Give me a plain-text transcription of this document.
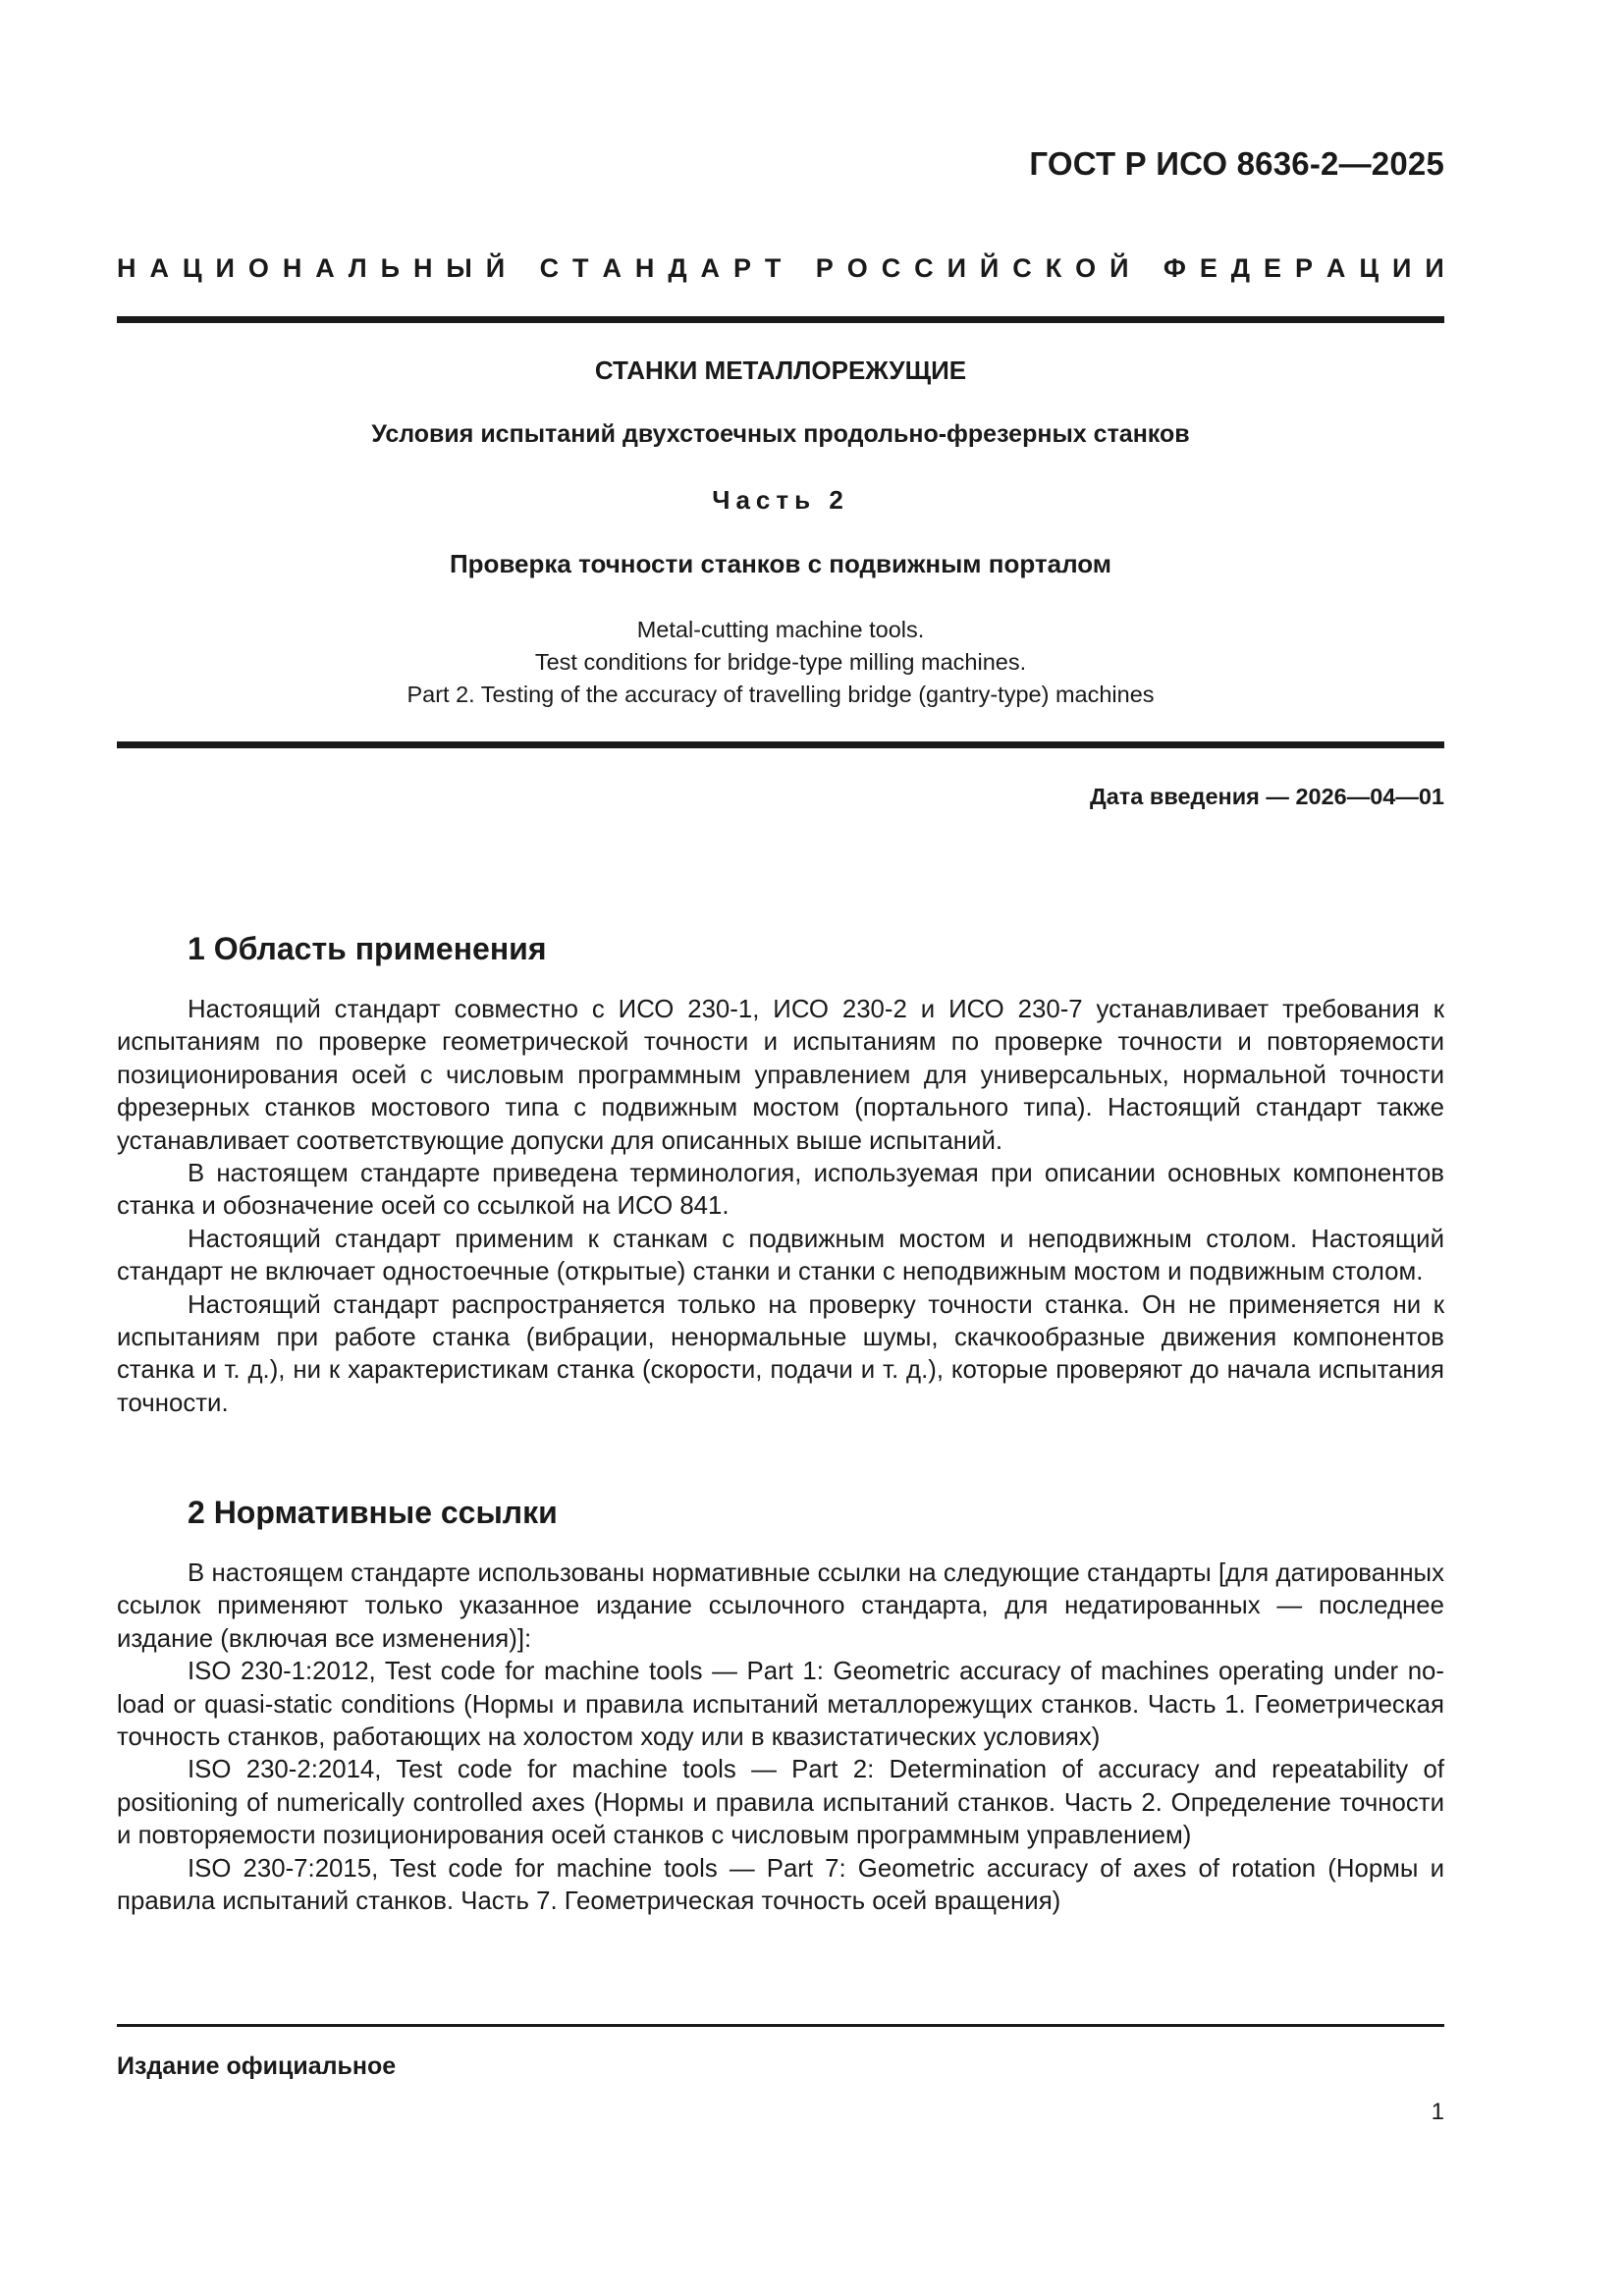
ГОСТ Р ИСО 8636-2—2025
Н А Ц И О Н А Л Ь Н Ы Й
С Т А Н Д А Р Т
Р О С С И Й С К О Й
Ф Е Д Е Р А Ц И И
СТАНКИ МЕТАЛЛОРЕЖУЩИЕ
Условия испытаний двухстоечных продольно-фрезерных станков
Часть 2
Проверка точности станков с подвижным порталом
Metal-cutting machine tools.
Test conditions for bridge-type milling machines.
Part 2. Testing of the accuracy of travelling bridge (gantry-type) machines
Дата введения — 2026—04—01
1 Область применения

Настоящий стандарт совместно с ИСО 230-1, ИСО 230-2 и ИСО 230-7 устанавливает требования к испытаниям по проверке геометрической точности и испытаниям по проверке точности и повторяемости позиционирования осей с числовым программным управлением для универсальных, нормальной точности фрезерных станков мостового типа с подвижным мостом (портального типа). Настоящий стандарт также устанавливает соответствующие допуски для описанных выше испытаний.

В настоящем стандарте приведена терминология, используемая при описании основных компонентов станка и обозначение осей со ссылкой на ИСО 841.

Настоящий стандарт применим к станкам с подвижным мостом и неподвижным столом. Настоящий стандарт не включает одностоечные (открытые) станки и станки с неподвижным мостом и подвижным столом.

Настоящий стандарт распространяется только на проверку точности станка. Он не применяется ни к испытаниям при работе станка (вибрации, ненормальные шумы, скачкообразные движения компонентов станка и т. д.), ни к характеристикам станка (скорости, подачи и т. д.), которые проверяют до начала испытания точности.

2 Нормативные ссылки

В настоящем стандарте использованы нормативные ссылки на следующие стандарты [для датированных ссылок применяют только указанное издание ссылочного стандарта, для недатированных — последнее издание (включая все изменения)]:

ISO 230-1:2012, Test code for machine tools — Part 1: Geometric accuracy of machines operating under no-load or quasi-static conditions (Нормы и правила испытаний металлорежущих станков. Часть 1. Геометрическая точность станков, работающих на холостом ходу или в квазистатических условиях)

ISO 230-2:2014, Test code for machine tools — Part 2: Determination of accuracy and repeatability of positioning of numerically controlled axes (Нормы и правила испытаний станков. Часть 2. Определение точности и повторяемости позиционирования осей станков с числовым программным управлением)

ISO 230-7:2015, Test code for machine tools — Part 7: Geometric accuracy of axes of rotation (Нормы и правила испытаний станков. Часть 7. Геометрическая точность осей вращения)

Издание официальное
1
